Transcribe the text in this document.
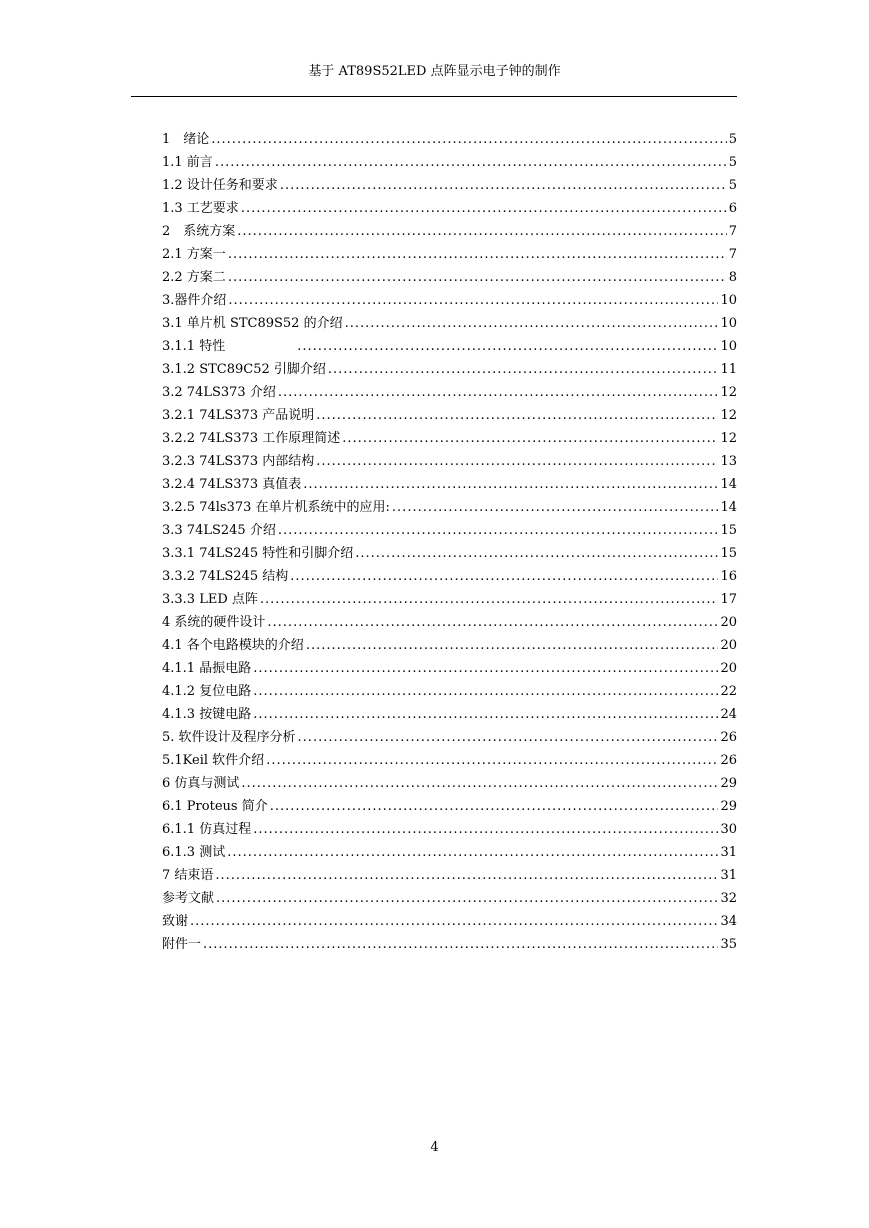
基于 AT89S52LED 点阵显示电子钟的制作
1　绪论 .....	5
1.1 前言 .....	5
1.2 设计任务和要求 .....	5
1.3 工艺要求 .....	6
2　系统方案 .....	7
2.1 方案一 .....	7
2.2 方案二 .....	8
3.器件介绍 .....	10
3.1 单片机 STC89S52 的介绍 .....	10
3.1.1 特性 .....	10
3.1.2 STC89C52 引脚介绍 .....	11
3.2 74LS373 介绍 .....	12
3.2.1 74LS373 产品说明 .....	12
3.2.2 74LS373 工作原理简述 .....	12
3.2.3 74LS373 内部结构 .....	13
3.2.4 74LS373 真值表 .....	14
3.2.5 74ls373 在单片机系统中的应用: .....	14
3.3 74LS245 介绍 .....	15
3.3.1 74LS245 特性和引脚介绍 .....	15
3.3.2 74LS245 结构 .....	16
3.3.3 LED 点阵 .....	17
4 系统的硬件设计 .....	20
4.1 各个电路模块的介绍 .....	20
4.1.1 晶振电路 .....	20
4.1.2 复位电路 .....	22
4.1.3 按键电路 .....	24
5. 软件设计及程序分析 .....	26
5.1Keil 软件介绍 .....	26
6 仿真与测试 .....	29
6.1 Proteus 简介 .....	29
6.1.1 仿真过程 .....	30
6.1.3 测试 .....	31
7 结束语 .....	31
参考文献 .....	32
致谢 .....	34
附件一 .....	35
4
